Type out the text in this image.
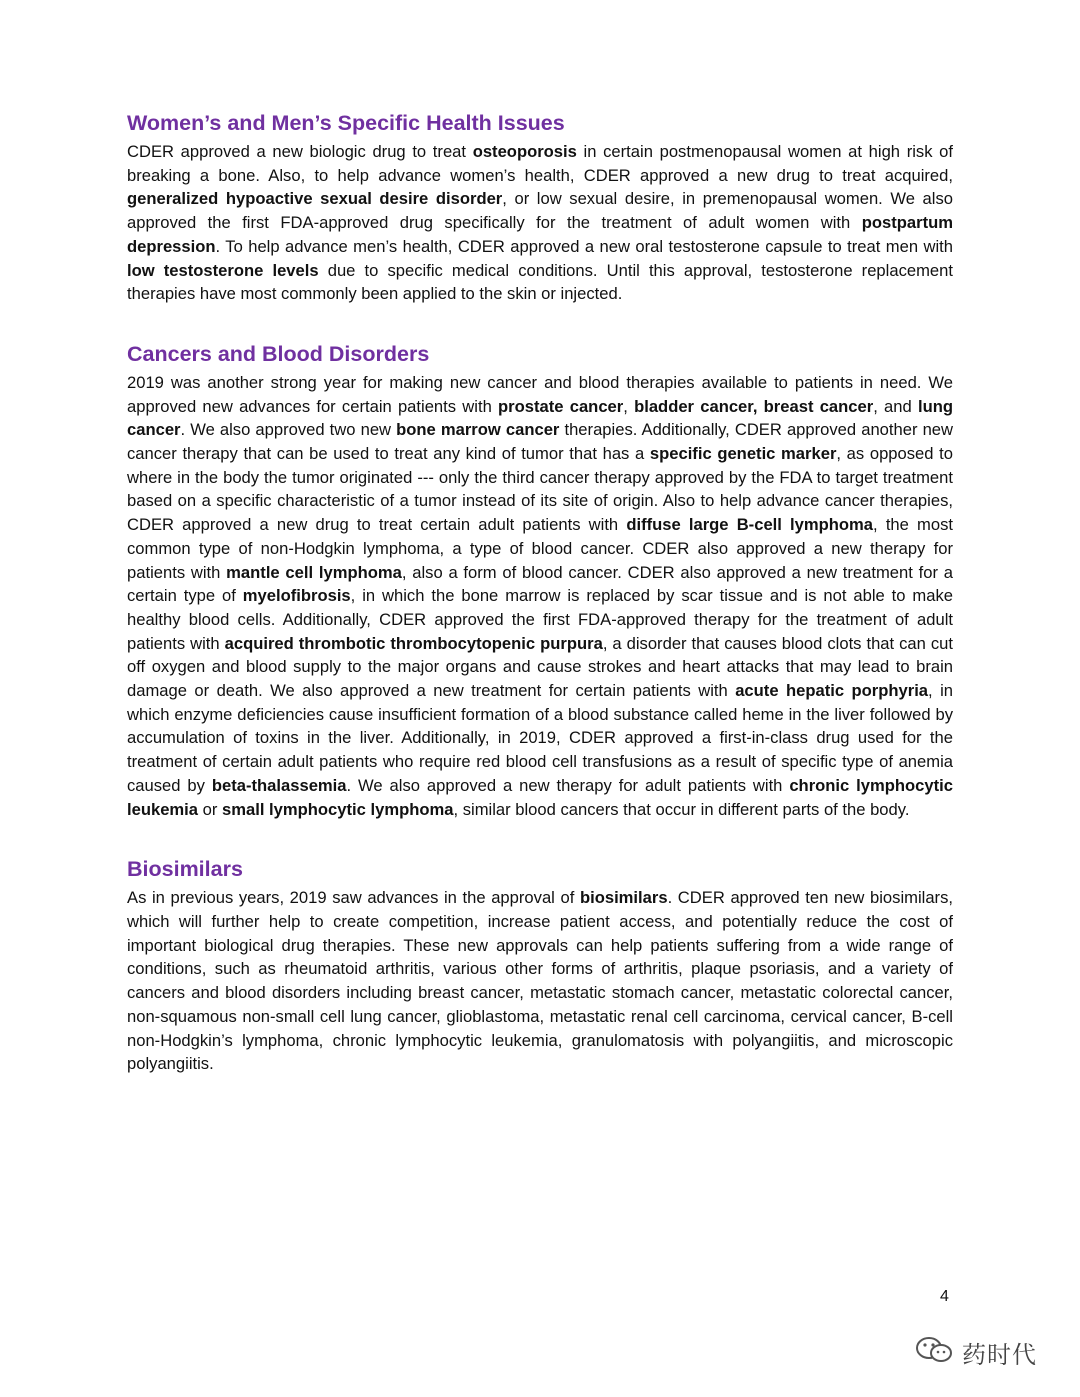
Women’s and Men’s Specific Health Issues

CDER approved a new biologic drug to treat osteoporosis in certain postmenopausal women at high risk of breaking a bone. Also, to help advance women’s health, CDER approved a new drug to treat acquired, generalized hypoactive sexual desire disorder, or low sexual desire, in premenopausal women. We also approved the first FDA-approved drug specifically for the treatment of adult women with postpartum depression. To help advance men’s health, CDER approved a new oral testosterone capsule to treat men with low testosterone levels due to specific medical conditions. Until this approval, testosterone replacement therapies have most commonly been applied to the skin or injected.

Cancers and Blood Disorders

2019 was another strong year for making new cancer and blood therapies available to patients in need. We approved new advances for certain patients with prostate cancer, bladder cancer, breast cancer, and lung cancer. We also approved two new bone marrow cancer therapies. Additionally, CDER approved another new cancer therapy that can be used to treat any kind of tumor that has a specific genetic marker, as opposed to where in the body the tumor originated --- only the third cancer therapy approved by the FDA to target treatment based on a specific characteristic of a tumor instead of its site of origin. Also to help advance cancer therapies, CDER approved a new drug to treat certain adult patients with diffuse large B-cell lymphoma, the most common type of non-Hodgkin lymphoma, a type of blood cancer. CDER also approved a new therapy for patients with mantle cell lymphoma, also a form of blood cancer. CDER also approved a new treatment for a certain type of myelofibrosis, in which the bone marrow is replaced by scar tissue and is not able to make healthy blood cells. Additionally, CDER approved the first FDA-approved therapy for the treatment of adult patients with acquired thrombotic thrombocytopenic purpura, a disorder that causes blood clots that can cut off oxygen and blood supply to the major organs and cause strokes and heart attacks that may lead to brain damage or death. We also approved a new treatment for certain patients with acute hepatic porphyria, in which enzyme deficiencies cause insufficient formation of a blood substance called heme in the liver followed by accumulation of toxins in the liver. Additionally, in 2019, CDER approved a first-in-class drug used for the treatment of certain adult patients who require red blood cell transfusions as a result of specific type of anemia caused by beta-thalassemia. We also approved a new therapy for adult patients with chronic lymphocytic leukemia or small lymphocytic lymphoma, similar blood cancers that occur in different parts of the body.

Biosimilars

As in previous years, 2019 saw advances in the approval of biosimilars. CDER approved ten new biosimilars, which will further help to create competition, increase patient access, and potentially reduce the cost of important biological drug therapies. These new approvals can help patients suffering from a wide range of conditions, such as rheumatoid arthritis, various other forms of arthritis, plaque psoriasis, and a variety of cancers and blood disorders including breast cancer, metastatic stomach cancer, metastatic colorectal cancer, non-squamous non-small cell lung cancer, glioblastoma, metastatic renal cell carcinoma, cervical cancer, B-cell non-Hodgkin’s lymphoma, chronic lymphocytic leukemia, granulomatosis with polyangiitis, and microscopic polyangiitis.

4
药时代
